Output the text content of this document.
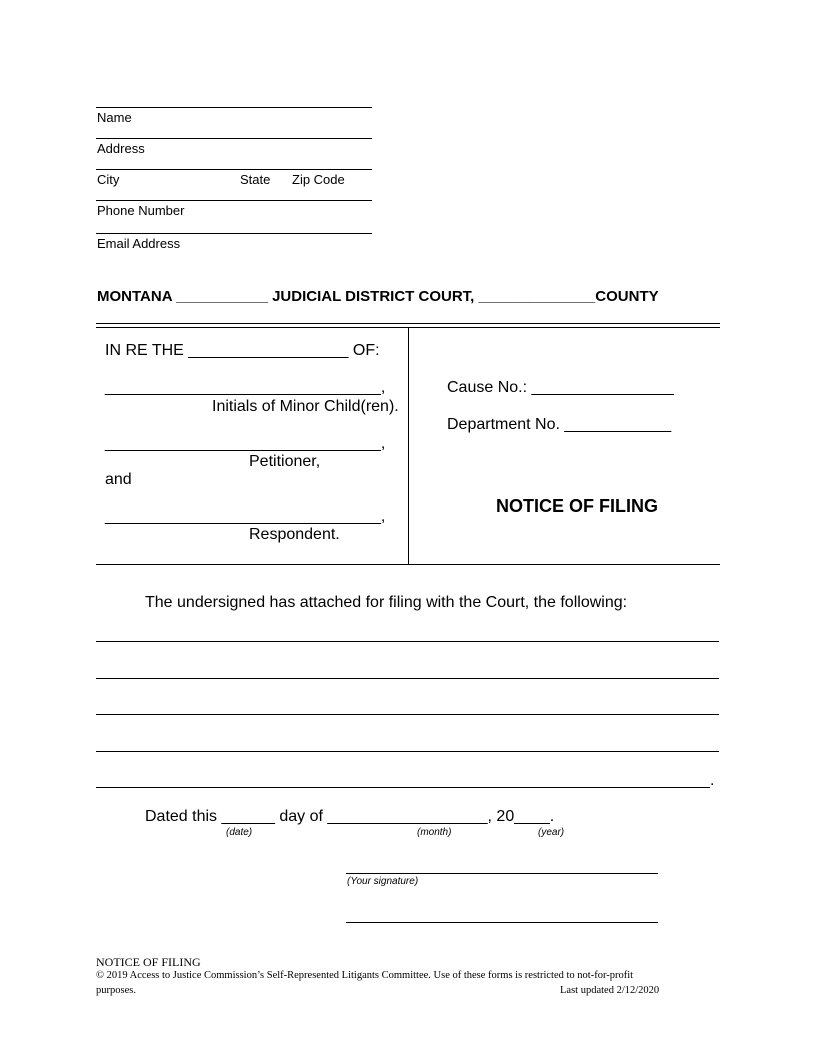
Name
Address
City	State Zip Code
Phone Number
Email Address
MONTANA ___________ JUDICIAL DISTRICT COURT, ______________COUNTY
IN RE THE __________________ OF:
_______________________________,
Initials of Minor Child(ren).
_______________________________,
Petitioner,
and
_______________________________,
Respondent.
Cause No.: ________________
Department No. ____________
NOTICE OF FILING
The undersigned has attached for filing with the Court, the following:
.
Dated this ______ day of __________________, 20____.
(date)	(month)	(year)
(Your signature)
NOTICE OF FILING
© 2019 Access to Justice Commission’s Self-Represented Litigants Committee. Use of these forms is restricted to not-for-profit
purposes.	Last updated 2/12/2020
